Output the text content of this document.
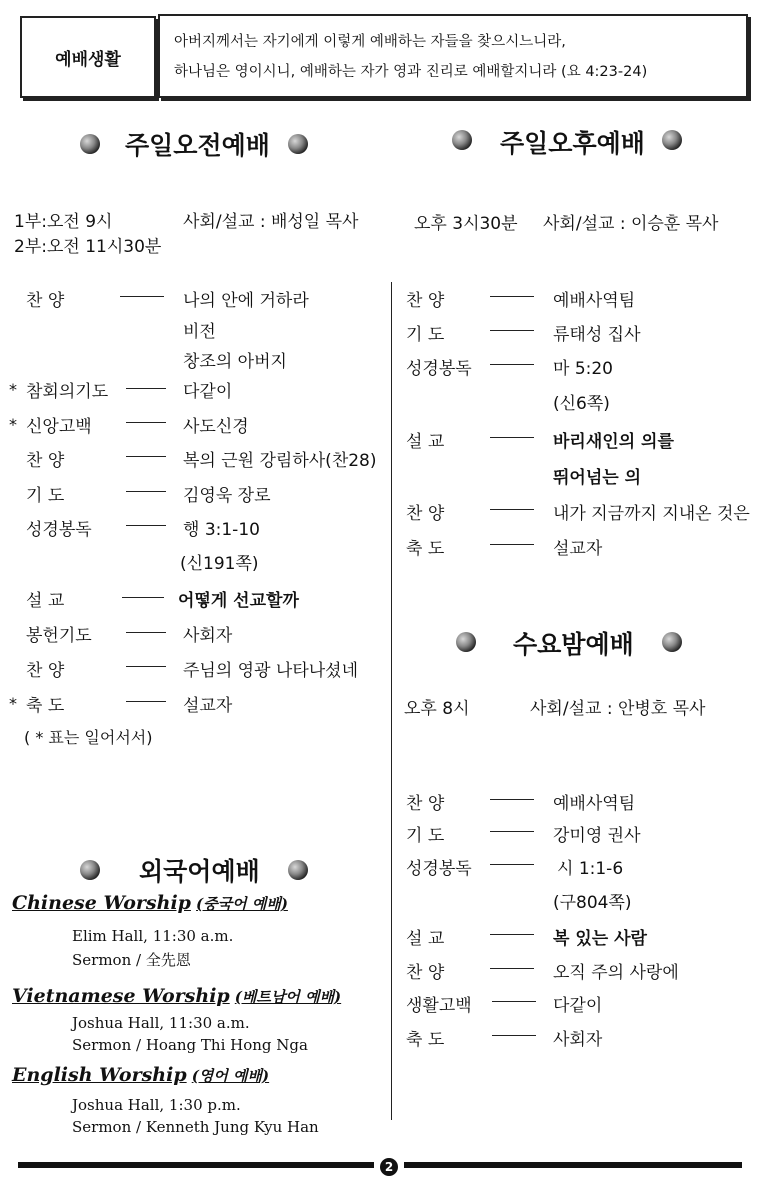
예배생활
아버지께서는 자기에게 이렇게 예배하는 자들을 찾으시느니라,
하나님은 영이시니, 예배하는 자가 영과 진리로 예배할지니라 (요 4:23-24)
주일오전예배	주일오후예배
1부:오전 9시	사회/설교 : 배성일 목사
2부:오전 11시30분
오후 3시30분 사회/설교 : 이승훈 목사
찬 양	나의 안에 거하라
비전
창조의 아버지
* 참회의기도	다같이
* 신앙고백	사도신경
찬 양	복의 근원 강림하사(찬28)
기 도	김영욱 장로
성경봉독	행 3:1-10
(신191쪽)
설 교	어떻게 선교할까
봉헌기도	사회자
찬 양	주님의 영광 나타나셨네
* 축 도	설교자
( * 표는 일어서서)
찬 양	예배사역팀
기 도	류태성 집사
성경봉독	마 5:20
(신6쪽)
설 교	바리새인의 의를
뛰어넘는 의
찬 양	내가 지금까지 지내온 것은
축 도	설교자
수요밤예배
오후 8시	사회/설교 : 안병호 목사
찬 양	예배사역팀
기 도	강미영 권사
성경봉독	시 1:1-6
(구804쪽)
설 교	복 있는 사람
찬 양	오직 주의 사랑에
생활고백	다같이
축 도	사회자
외국어예배
Chinese Worship (중국어 예배)
Elim Hall, 11:30 a.m.
Sermon / 全先恩
Vietnamese Worship (베트남어 예배)
Joshua Hall, 11:30 a.m.
Sermon / Hoang Thi Hong Nga
English Worship (영어 예배)
Joshua Hall, 1:30 p.m.
Sermon / Kenneth Jung Kyu Han
2
